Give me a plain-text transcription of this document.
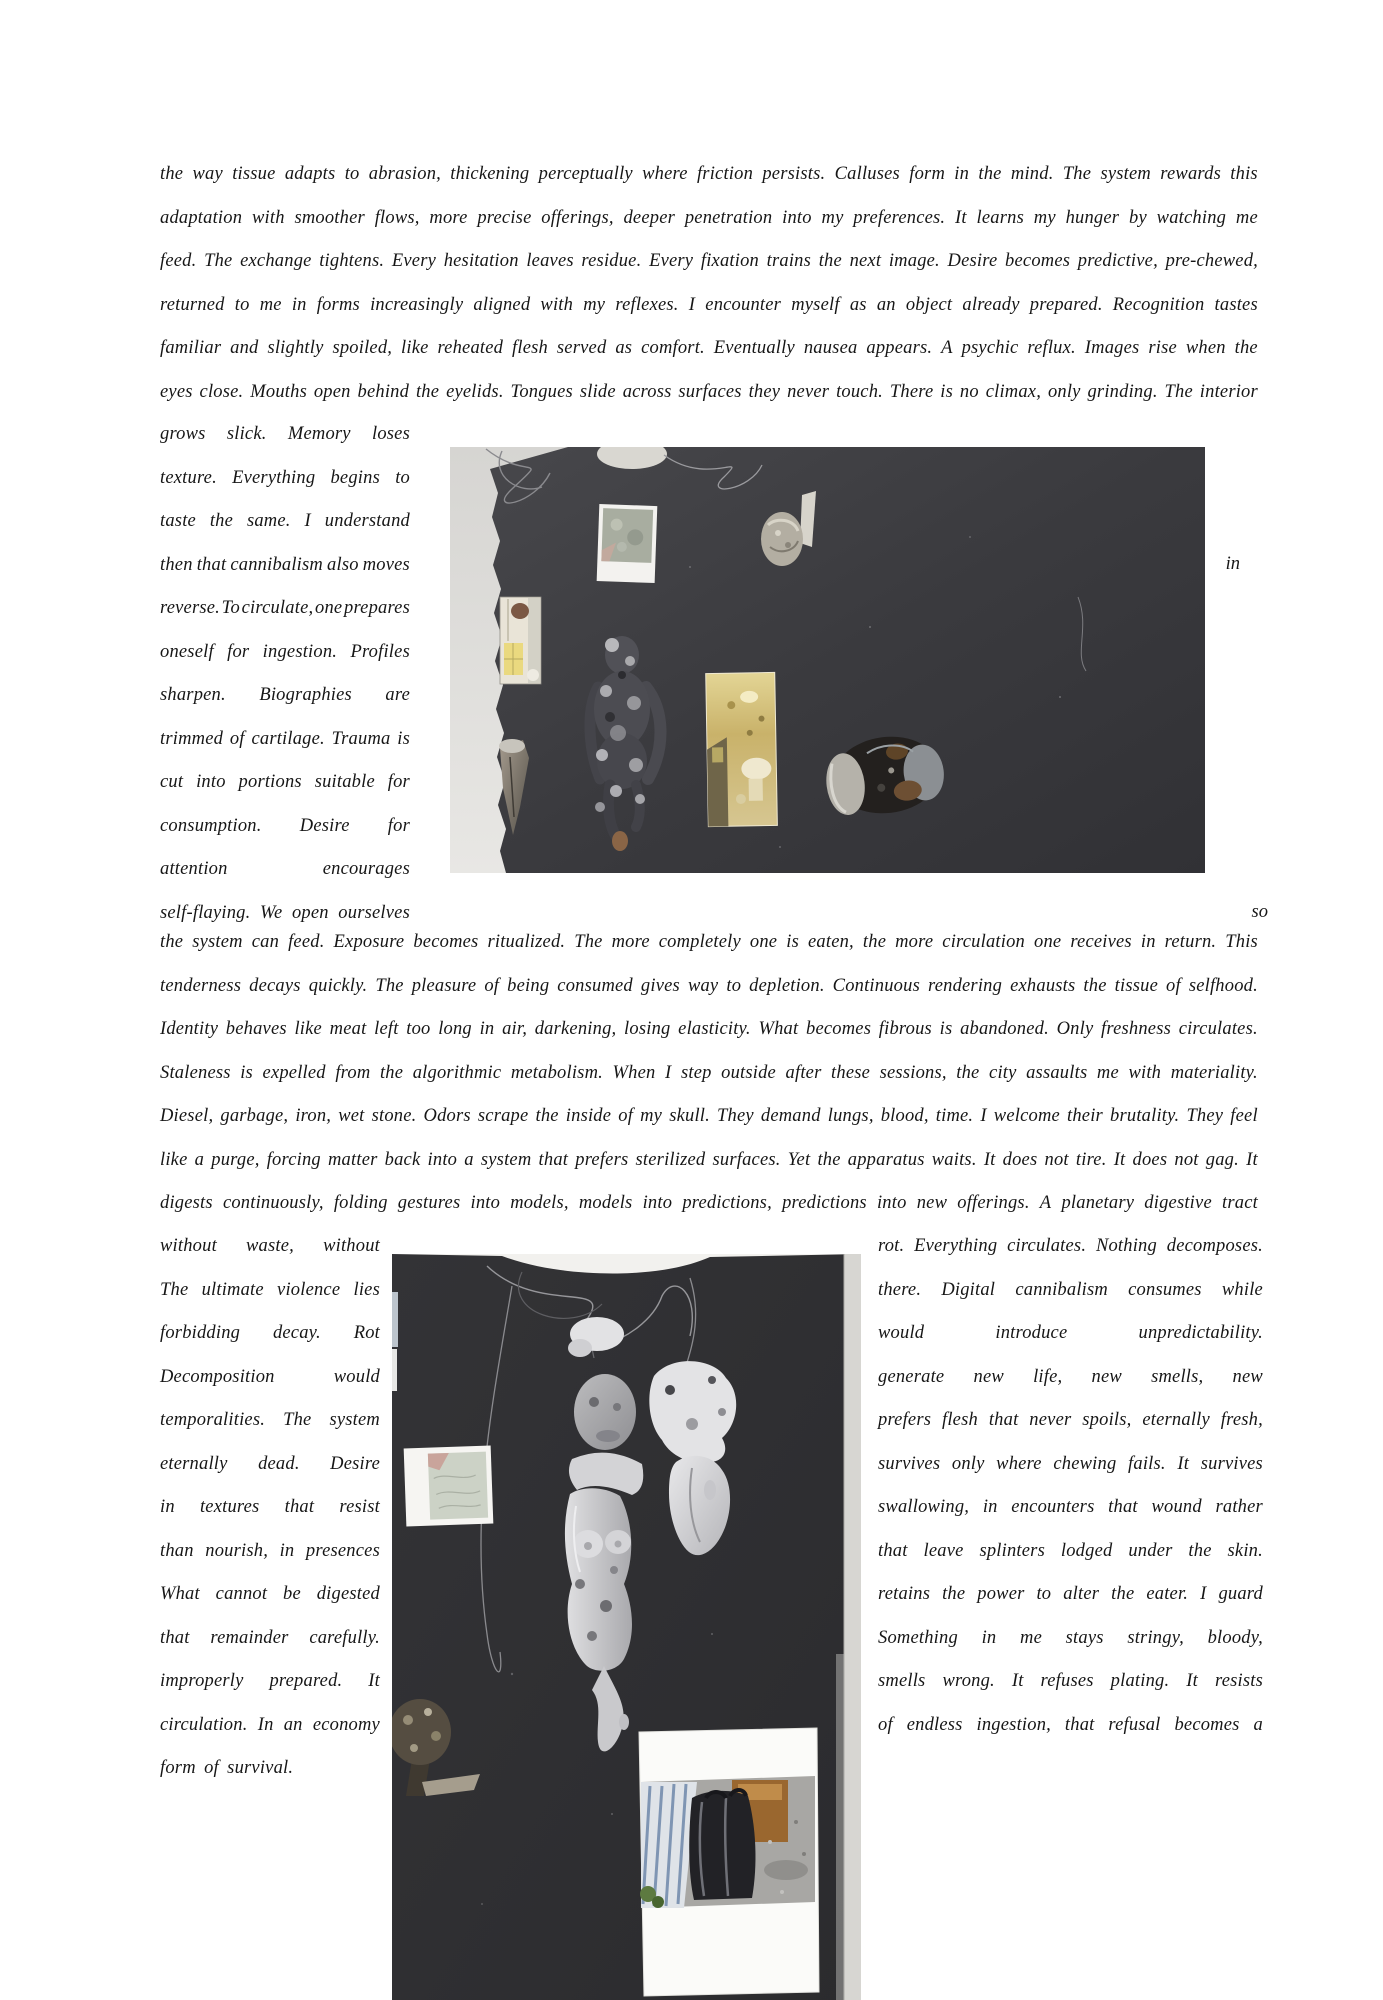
grows slick. Memory loses
texture. Everything begins to
taste the same. I understand
then that cannibalism also moves
reverse. To circulate, one prepares
oneself for ingestion. Profiles
sharpen. Biographies are
trimmed of cartilage. Trauma is
cut into portions suitable for
consumption. Desire for
attention	encourages
self-flaying. We open ourselves
the way tissue adapts to abrasion, thickening perceptually where friction persists. Calluses form in the mind. The system rewards this
adaptation with smoother flows, more precise offerings, deeper penetration into my preferences. It learns my hunger by watching me
feed. The exchange tightens. Every hesitation leaves residue. Every fixation trains the next image. Desire becomes predictive, pre-chewed,
returned to me in forms increasingly aligned with my reflexes. I encounter myself as an object already prepared. Recognition tastes
familiar and slightly spoiled, like reheated flesh served as comfort. Eventually nausea appears. A psychic reflux. Images rise when the
eyes close. Mouths open behind the eyelids. Tongues slide across surfaces they never touch. There is no climax, only grinding. The interior
in
so
the system can feed. Exposure becomes ritualized. The more completely one is eaten, the more circulation one receives in return. This
tenderness decays quickly. The pleasure of being consumed gives way to depletion. Continuous rendering exhausts the tissue of selfhood.
Identity behaves like meat left too long in air, darkening, losing elasticity. What becomes fibrous is abandoned. Only freshness circulates.
Staleness is expelled from the algorithmic metabolism. When I step outside after these sessions, the city assaults me with materiality.
Diesel, garbage, iron, wet stone. Odors scrape the inside of my skull. They demand lungs, blood, time. I welcome their brutality. They feel
like a purge, forcing matter back into a system that prefers sterilized surfaces. Yet the apparatus waits. It does not tire. It does not gag. It
digests continuously, folding gestures into models, models into predictions, predictions into new offerings. A planetary digestive tract
without waste, without
The ultimate violence lies
forbidding decay. Rot
Decomposition	would
temporalities. The system
eternally dead. Desire
in textures that resist
than nourish, in presences
What cannot be digested
that remainder carefully.
improperly prepared. It
circulation. In an economy
form of survival.
rot. Everything circulates. Nothing decomposes.
there. Digital cannibalism consumes while
would	introduce	unpredictability.
generate new life, new smells, new
prefers flesh that never spoils, eternally fresh,
survives only where chewing fails. It survives
swallowing, in encounters that wound rather
that leave splinters lodged under the skin.
retains the power to alter the eater. I guard
Something in me stays stringy, bloody,
smells wrong. It refuses plating. It resists
of endless ingestion, that refusal becomes a
